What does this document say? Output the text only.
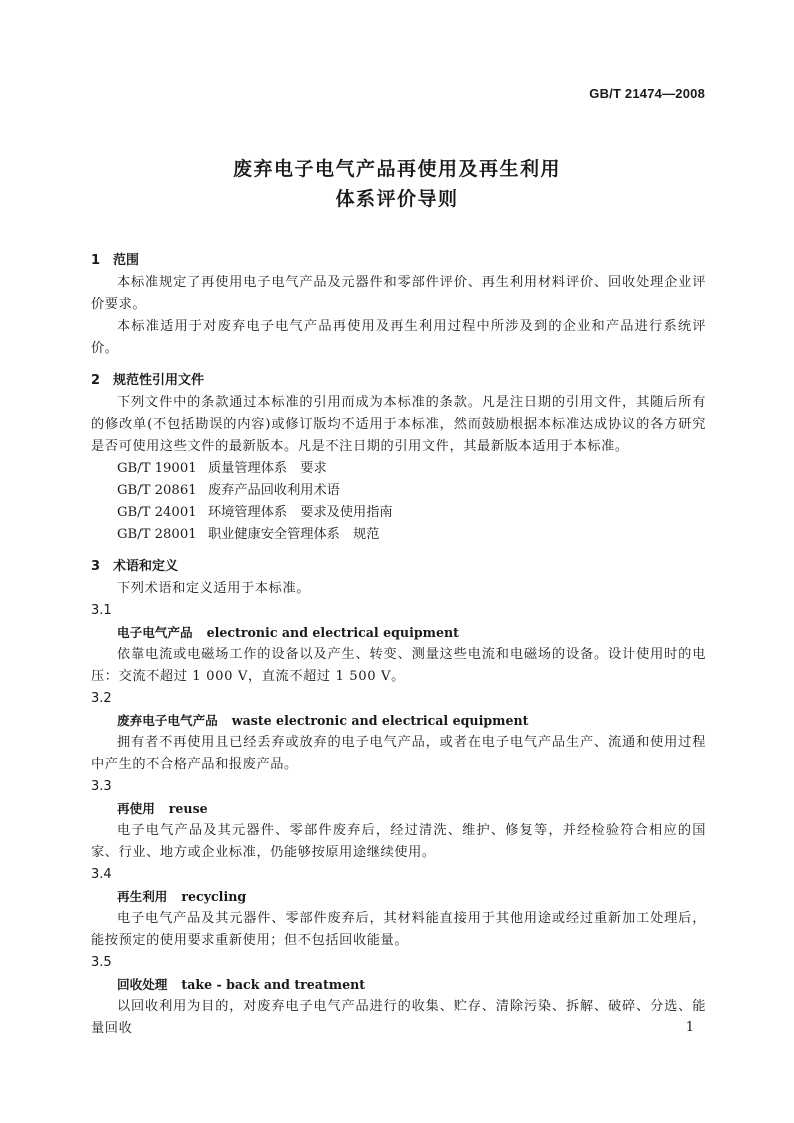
GB/T 21474—2008
废弃电子电气产品再使用及再生利用
体系评价导则
1 范围
本标准规定了再使用电子电气产品及元器件和零部件评价、再生利用材料评价、回收处理企业评价要求。
本标准适用于对废弃电子电气产品再使用及再生利用过程中所涉及到的企业和产品进行系统评价。
2 规范性引用文件
下列文件中的条款通过本标准的引用而成为本标准的条款。凡是注日期的引用文件，其随后所有的修改单(不包括勘误的内容)或修订版均不适用于本标准，然而鼓励根据本标准达成协议的各方研究是否可使用这些文件的最新版本。凡是不注日期的引用文件，其最新版本适用于本标准。
GB/T 19001 质量管理体系　要求
GB/T 20861 废弃产品回收利用术语
GB/T 24001 环境管理体系　要求及使用指南
GB/T 28001 职业健康安全管理体系　规范
3 术语和定义
下列术语和定义适用于本标准。
3.1
电子电气产品 electronic and electrical equipment
依靠电流或电磁场工作的设备以及产生、转变、测量这些电流和电磁场的设备。设计使用时的电压：交流不超过 1 000 V，直流不超过 1 500 V。
3.2
废弃电子电气产品 waste electronic and electrical equipment
拥有者不再使用且已经丢弃或放弃的电子电气产品，或者在电子电气产品生产、流通和使用过程中产生的不合格产品和报废产品。
3.3
再使用 reuse
电子电气产品及其元器件、零部件废弃后，经过清洗、维护、修复等，并经检验符合相应的国家、行业、地方或企业标准，仍能够按原用途继续使用。
3.4
再生利用 recycling
电子电气产品及其元器件、零部件废弃后，其材料能直接用于其他用途或经过重新加工处理后，能按预定的使用要求重新使用；但不包括回收能量。
3.5
回收处理 take - back and treatment
以回收利用为目的，对废弃电子电气产品进行的收集、贮存、清除污染、拆解、破碎、分选、能量回收	1
